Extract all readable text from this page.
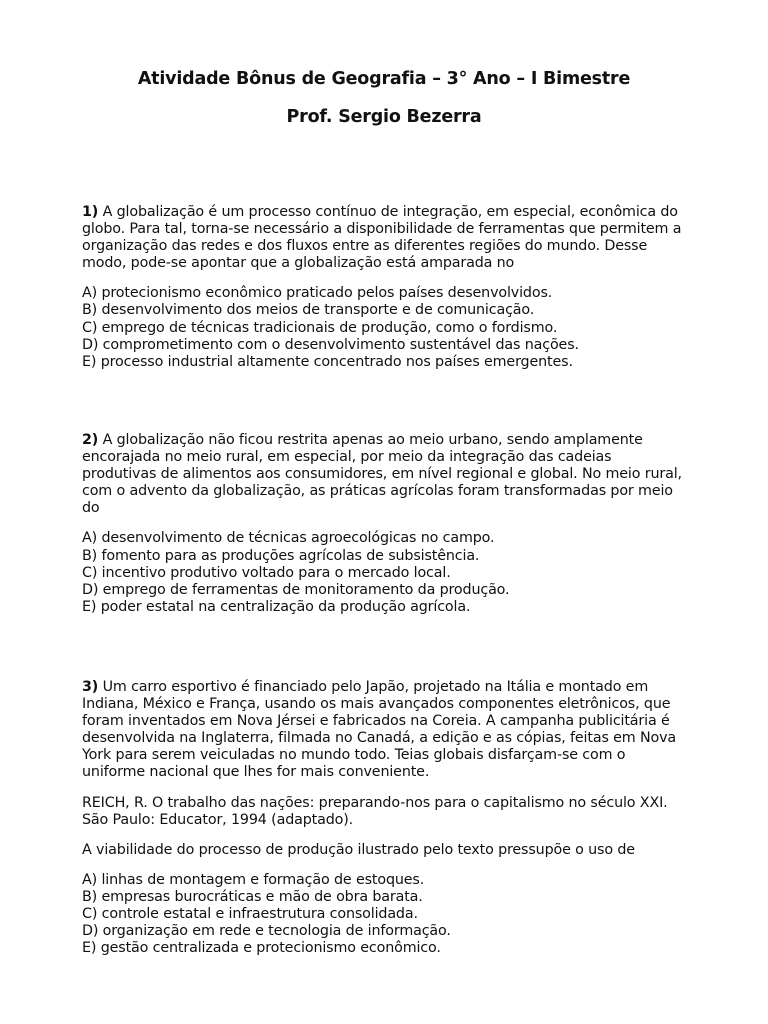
Atividade Bônus de Geografia – 3° Ano – I Bimestre
Prof. Sergio Bezerra

1) A globalização é um processo contínuo de integração, em especial, econômica do
globo. Para tal, torna-se necessário a disponibilidade de ferramentas que permitem a
organização das redes e dos fluxos entre as diferentes regiões do mundo. Desse
modo, pode-se apontar que a globalização está amparada no

A) protecionismo econômico praticado pelos países desenvolvidos.
B) desenvolvimento dos meios de transporte e de comunicação.
C) emprego de técnicas tradicionais de produção, como o fordismo.
D) comprometimento com o desenvolvimento sustentável das nações.
E) processo industrial altamente concentrado nos países emergentes.

2) A globalização não ficou restrita apenas ao meio urbano, sendo amplamente
encorajada no meio rural, em especial, por meio da integração das cadeias
produtivas de alimentos aos consumidores, em nível regional e global. No meio rural,
com o advento da globalização, as práticas agrícolas foram transformadas por meio
do

A) desenvolvimento de técnicas agroecológicas no campo.
B) fomento para as produções agrícolas de subsistência.
C) incentivo produtivo voltado para o mercado local.
D) emprego de ferramentas de monitoramento da produção.
E) poder estatal na centralização da produção agrícola.

3) Um carro esportivo é financiado pelo Japão, projetado na Itália e montado em
Indiana, México e França, usando os mais avançados componentes eletrônicos, que
foram inventados em Nova Jérsei e fabricados na Coreia. A campanha publicitária é
desenvolvida na Inglaterra, filmada no Canadá, a edição e as cópias, feitas em Nova
York para serem veiculadas no mundo todo. Teias globais disfarçam-se com o
uniforme nacional que lhes for mais conveniente.

REICH, R. O trabalho das nações: preparando-nos para o capitalismo no século XXI.
São Paulo: Educator, 1994 (adaptado).

A viabilidade do processo de produção ilustrado pelo texto pressupõe o uso de

A) linhas de montagem e formação de estoques.
B) empresas burocráticas e mão de obra barata.
C) controle estatal e infraestrutura consolidada.
D) organização em rede e tecnologia de informação.
E) gestão centralizada e protecionismo econômico.
